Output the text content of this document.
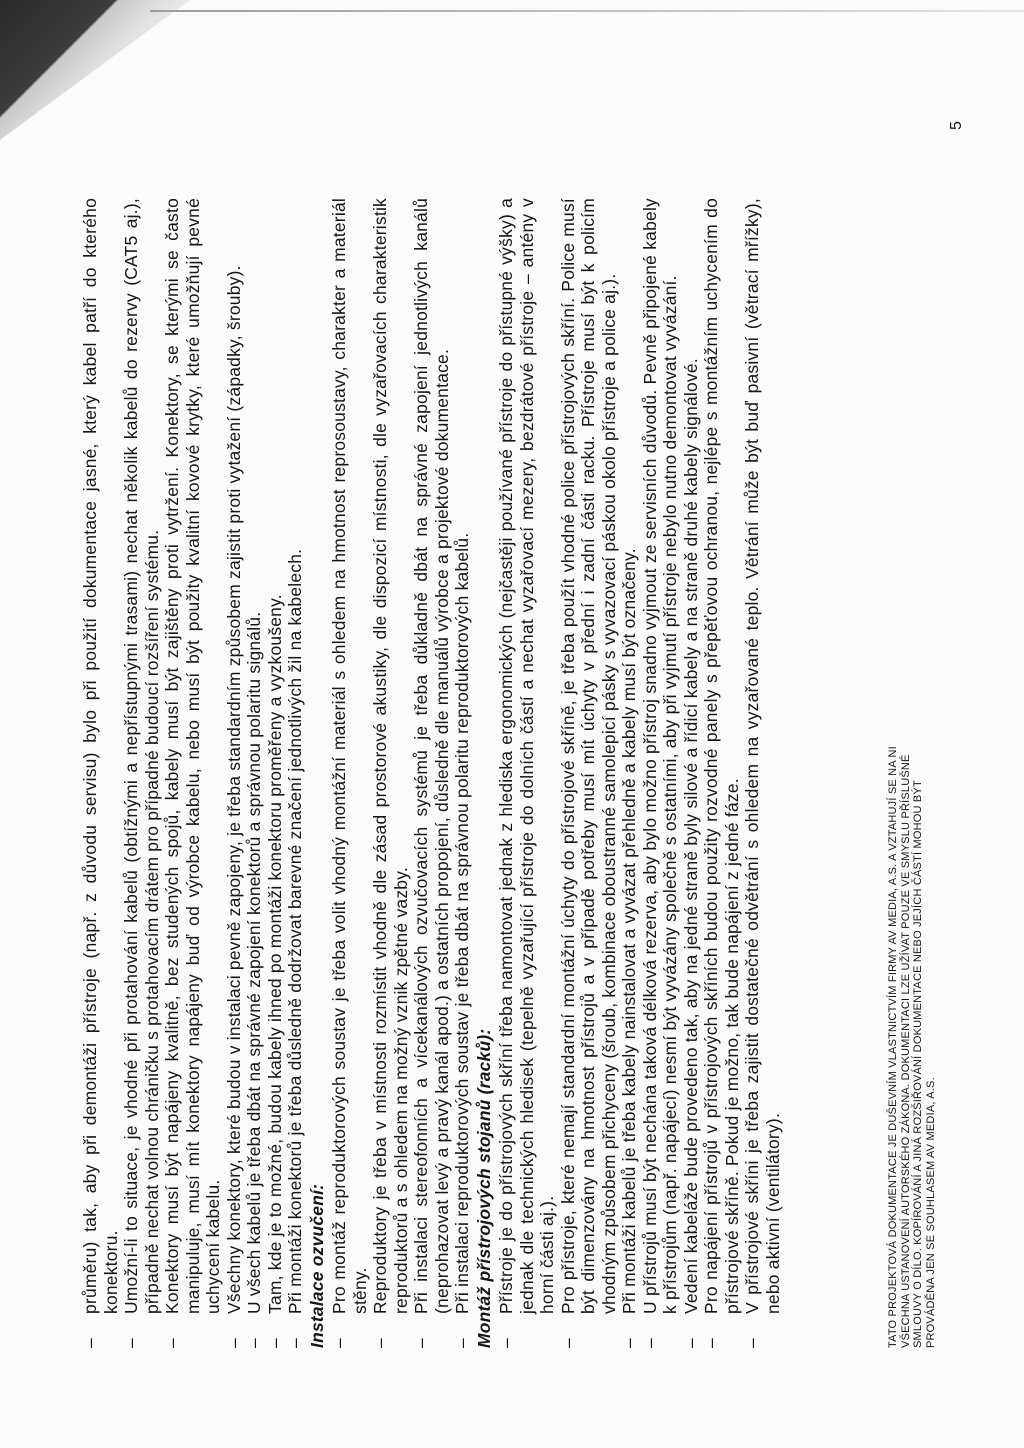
– průměru) tak, aby při demontáži přístroje (např. z důvodu servisu) bylo při použití dokumentace jasné, který kabel patří do kterého konektoru. – Umožní-li to situace, je vhodné při protahování kabelů (obtížnými a nepřístupnými trasami) nechat několik kabelů do rezervy (CAT5 aj.), případně nechat volnou chráničku s protahovacím drátem pro případné budoucí rozšíření systému. – Konektory musí být napájeny kvalitně, bez studených spojů, kabely musí být zajištěny proti vytržení. Konektory, se kterými se často manipuluje, musí mít konektory napájeny buď od výrobce kabelu, nebo musí být použity kvalitní kovové krytky, které umožňují pevné uchycení kabelu. – Všechny konektory, které budou v instalaci pevně zapojeny, je třeba standardním způsobem zajistit proti vytažení (západky, šrouby). – U všech kabelů je třeba dbát na správné zapojení konektorů a správnou polaritu signálů. – Tam, kde je to možné, budou kabely ihned po montáži konektoru proměřeny a vyzkoušeny. – Při montáži konektorů je třeba důsledně dodržovat barevné značení jednotlivých žil na kabelech. Instalace ozvučení: – Pro montáž reproduktorových soustav je třeba volit vhodný montážní materiál s ohledem na hmotnost reprosoustavy, charakter a materiál stěny. – Reproduktory je třeba v místnosti rozmístit vhodně dle zásad prostorové akustiky, dle dispozicí místnosti, dle vyzařovacích charakteristik reproduktorů a s ohledem na možný vznik zpětné vazby. – Při instalaci stereofonních a vícekanálových ozvučovacích systémů je třeba důkladně dbát na správné zapojení jednotlivých kanálů (neprohazovat levý a pravý kanál apod.) a ostatních propojení, důsledně dle manuálů výrobce a projektové dokumentace. – Při instalaci reproduktorových soustav je třeba dbát na správnou polaritu reproduktorových kabelů. Montáž přístrojových stojanů (racků): – Přístroje je do přístrojových skříní třeba namontovat jednak z hlediska ergonomických (nejčastěji používané přístroje do přístupné výšky) a jednak dle technických hledisek (tepelně vyzařující přístroje do dolních částí a nechat vyzařovací mezery, bezdrátové přístroje – antény v horní části aj.). – Pro přístroje, které nemají standardní montážní úchyty do přístrojové skříně, je třeba použít vhodné police přístrojových skříní. Police musí být dimenzovány na hmotnost přístrojů a v případě potřeby musí mít úchyty v přední i zadní části racku. Přístroje musí být k policím vhodným způsobem přichyceny (šroub, kombinace oboustranné samolepicí pásky s vyvazovací páskou okolo přístroje a police aj.). – Při montáži kabelů je třeba kabely nainstalovat a vyvázat přehledně a kabely musí být označeny. – U přístrojů musí být nechána taková délková rezerva, aby bylo možno přístroj snadno vyjmout ze servisních důvodů. Pevně připojené kabely k přístrojům (např. napájecí) nesmí být vyvázány společně s ostatními, aby při vyjmutí přístroje nebylo nutno demontovat vyvázání. – Vedení kabeláže bude provedeno tak, aby na jedné straně byly silové a řídicí kabely a na straně druhé kabely signálové. – Pro napájení přístrojů v přístrojových skříních budou použity rozvodné panely s přepěťovou ochranou, nejlépe s montážním uchycením do přístrojové skříně. Pokud je možno, tak bude napájení z jedné fáze. – V přístrojové skříni je třeba zajistit dostatečné odvětrání s ohledem na vyzařované teplo. Větrání může být buď pasivní (větrací mřížky), nebo aktivní (ventilátory).	TATO PROJEKTOVÁ DOKUMENTACE JE DUŠEVNÍM VLASTNICTVÍM FIRMY AV MEDIA, A.S. A VZTAHUJÍ SE NA NI VŠECHNA USTANOVENÍ AUTORSKÉHO ZÁKONA. DOKUMENTACI LZE UŽÍVAT POUZE VE SMYSLU PŘÍSLUŠNÉ SMLOUVY O DÍLO. KOPÍROVÁNÍ A JINÁ ROZŠIŘOVÁNÍ DOKUMENTACE NEBO JEJÍCH ČÁSTÍ MOHOU BÝT PROVÁDĚNA JEN SE SOUHLASEM AV MEDIA, A.S.
5
